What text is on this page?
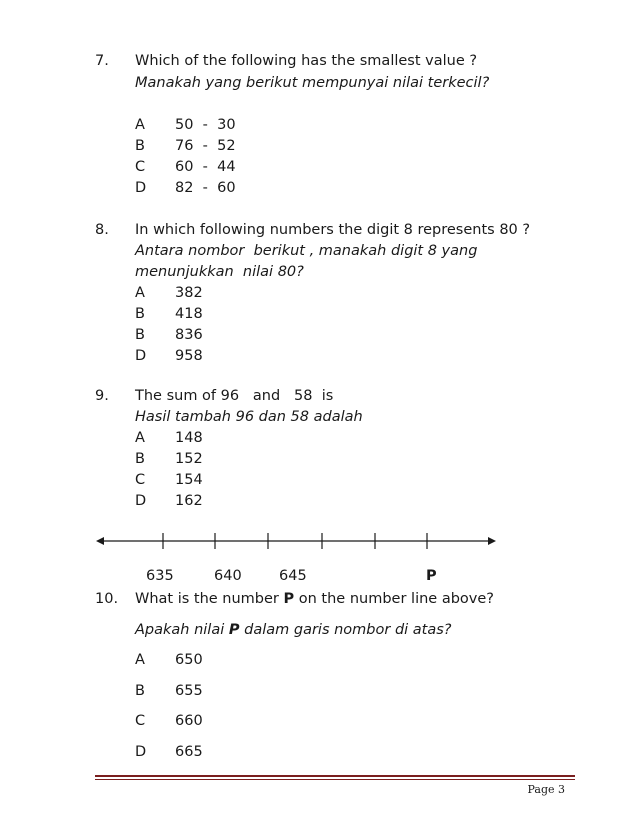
7. Which of the following has the smallest value ?
Manakah yang berikut mempunyai nilai terkecil?
A 50  -  30
B 76  -  52
C 60  -  44
D 82  -  60
8. In which following numbers the digit 8 represents 80 ?
Antara nombor  berikut , manakah digit 8 yang
menunjukkan  nilai 80?
A 382
B 418
B 836
D 958
9. The sum of 96   and   58  is
Hasil tambah 96 dan 58 adalah
A 148
B 152
C 154
D 162
635	640	645	P
10. What is the number P on the number line above?
Apakah nilai P dalam garis nombor di atas?
A 650
B 655
C 660
D 665
Page 3
